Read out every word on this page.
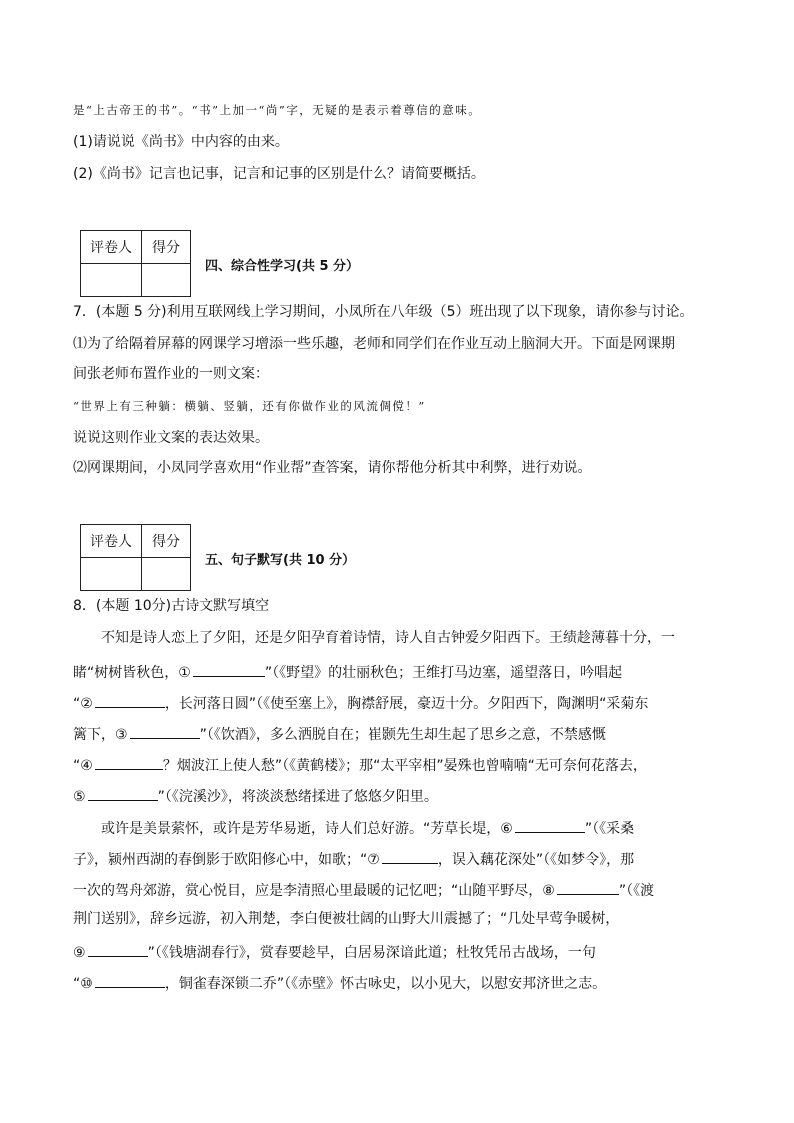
是“上古帝王的书”。“书”上加一“尚”字，无疑的是表示着尊信的意味。
(1)请说说《尚书》中内容的由来。
(2)《尚书》记言也记事，记言和记事的区别是什么？请简要概括。
评卷人	得分

四、综合性学习(共 5 分）
7．(本题 5 分)利用互联网线上学习期间，小凤所在八年级（5）班出现了以下现象，请你参与讨论。
⑴为了给隔着屏幕的网课学习增添一些乐趣，老师和同学们在作业互动上脑洞大开。下面是网课期
间张老师布置作业的一则文案：
“世界上有三种躺：横躺、竖躺，还有你做作业的风流倜傥！”
说说这则作业文案的表达效果。
⑵网课期间，小凤同学喜欢用“作业帮”查答案，请你帮他分析其中利弊，进行劝说。
评卷人	得分

五、句子默写(共 10 分）
8．(本题 10分)古诗文默写填空
不知是诗人恋上了夕阳，还是夕阳孕育着诗情，诗人自古钟爱夕阳西下。王绩趁薄暮十分，一
睹“树树皆秋色，①	”（《野望》的壮丽秋色；王维打马边塞，遥望落日，吟唱起
“②	，长河落日圆”（《使至塞上》，胸襟舒展，豪迈十分。夕阳西下，陶渊明“采菊东
篱下，③	”（《饮酒》，多么洒脱自在；崔颢先生却生起了思乡之意，不禁感慨
“④	？烟波江上使人愁”（《黄鹤楼》；那“太平宰相”晏殊也曾喃喃“无可奈何花落去，
⑤	”（《浣溪沙》，将淡淡愁绪揉进了悠悠夕阳里。
或许是美景萦怀，或许是芳华易逝，诗人们总好游。“芳草长堤，⑥	”（《采桑
子》，颍州西湖的春倒影于欧阳修心中，如歌；“⑦	，误入藕花深处”（《如梦令》，那
一次的驾舟郊游，赏心悦目，应是李清照心里最暖的记忆吧；“山随平野尽，⑧	”（《渡
荆门送别》，辞乡远游，初入荆楚，李白便被壮阔的山野大川震撼了；“几处早莺争暖树，
⑨	”（《钱塘湖春行》，赏春要趁早，白居易深谙此道；杜牧凭吊古战场，一句
“⑩	，铜雀春深锁二乔”（《赤壁》怀古咏史，以小见大，以慰安邦济世之志。
